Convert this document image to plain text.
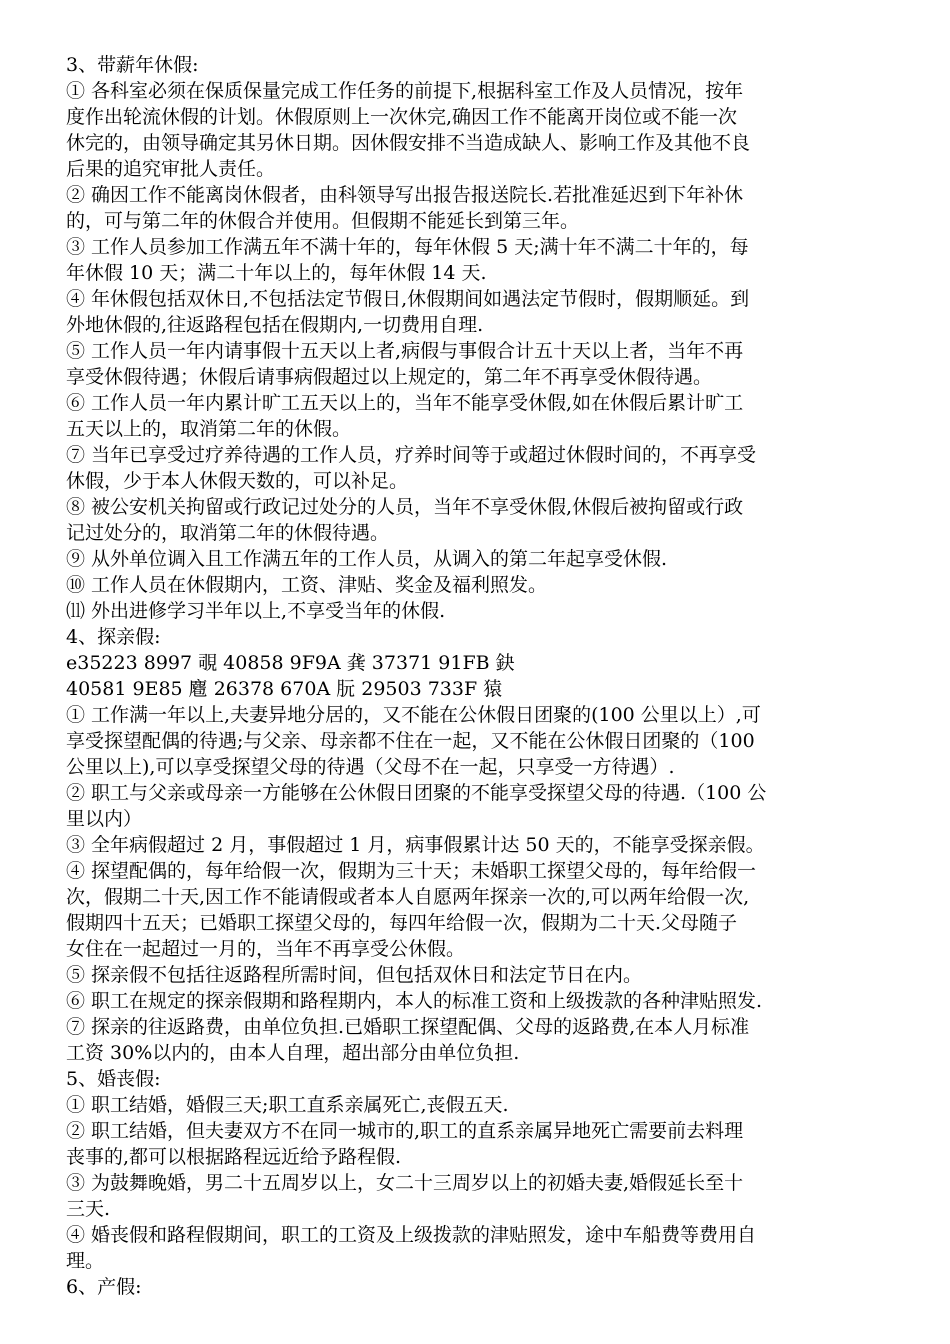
3、带薪年休假:
① 各科室必须在保质保量完成工作任务的前提下,根据科室工作及人员情况，按年
度作出轮流休假的计划。休假原则上一次休完,确因工作不能离开岗位或不能一次
休完的，由领导确定其另休日期。因休假安排不当造成缺人、影响工作及其他不良
后果的追究审批人责任。
② 确因工作不能离岗休假者，由科领导写出报告报送院长.若批准延迟到下年补休
的，可与第二年的休假合并使用。但假期不能延长到第三年。
③ 工作人员参加工作满五年不满十年的，每年休假 5 天;满十年不满二十年的，每
年休假 10 天；满二十年以上的，每年休假 14 天.
④ 年休假包括双休日,不包括法定节假日,休假期间如遇法定节假时，假期顺延。到
外地休假的,往返路程包括在假期内,一切费用自理.
⑤ 工作人员一年内请事假十五天以上者,病假与事假合计五十天以上者，当年不再
享受休假待遇；休假后请事病假超过以上规定的，第二年不再享受休假待遇。
⑥ 工作人员一年内累计旷工五天以上的，当年不能享受休假,如在休假后累计旷工
五天以上的，取消第二年的休假。
⑦ 当年已享受过疗养待遇的工作人员，疗养时间等于或超过休假时间的，不再享受
休假，少于本人休假天数的，可以补足。
⑧ 被公安机关拘留或行政记过处分的人员，当年不享受休假,休假后被拘留或行政
记过处分的，取消第二年的休假待遇。
⑨ 从外单位调入且工作满五年的工作人员，从调入的第二年起享受休假.
⑩ 工作人员在休假期内，工资、津贴、奖金及福利照发。
⑾ 外出进修学习半年以上,不享受当年的休假.
4、探亲假:
e35223 8997 覗 40858 9F9A 龚 37371 91FB 鈌
40581 9E85 麅 26378 670A 朊 29503 733F 猿
① 工作满一年以上,夫妻异地分居的，又不能在公休假日团聚的(100 公里以上）,可
享受探望配偶的待遇;与父亲、母亲都不住在一起，又不能在公休假日团聚的（100
公里以上),可以享受探望父母的待遇（父母不在一起，只享受一方待遇）.
② 职工与父亲或母亲一方能够在公休假日团聚的不能享受探望父母的待遇.（100 公
里以内）
③ 全年病假超过 2 月，事假超过 1 月，病事假累计达 50 天的，不能享受探亲假。
④ 探望配偶的，每年给假一次，假期为三十天；未婚职工探望父母的，每年给假一
次，假期二十天,因工作不能请假或者本人自愿两年探亲一次的,可以两年给假一次,
假期四十五天；已婚职工探望父母的，每四年给假一次，假期为二十天.父母随子
女住在一起超过一月的，当年不再享受公休假。
⑤ 探亲假不包括往返路程所需时间，但包括双休日和法定节日在内。
⑥ 职工在规定的探亲假期和路程期内，本人的标准工资和上级拨款的各种津贴照发.
⑦ 探亲的往返路费，由单位负担.已婚职工探望配偶、父母的返路费,在本人月标准
工资 30%以内的，由本人自理，超出部分由单位负担.
5、婚丧假:
① 职工结婚，婚假三天;职工直系亲属死亡,丧假五天.
② 职工结婚，但夫妻双方不在同一城市的,职工的直系亲属异地死亡需要前去料理
丧事的,都可以根据路程远近给予路程假.
③ 为鼓舞晚婚，男二十五周岁以上，女二十三周岁以上的初婚夫妻,婚假延长至十
三天.
④ 婚丧假和路程假期间，职工的工资及上级拨款的津贴照发，途中车船费等费用自
理。
6、产假:
